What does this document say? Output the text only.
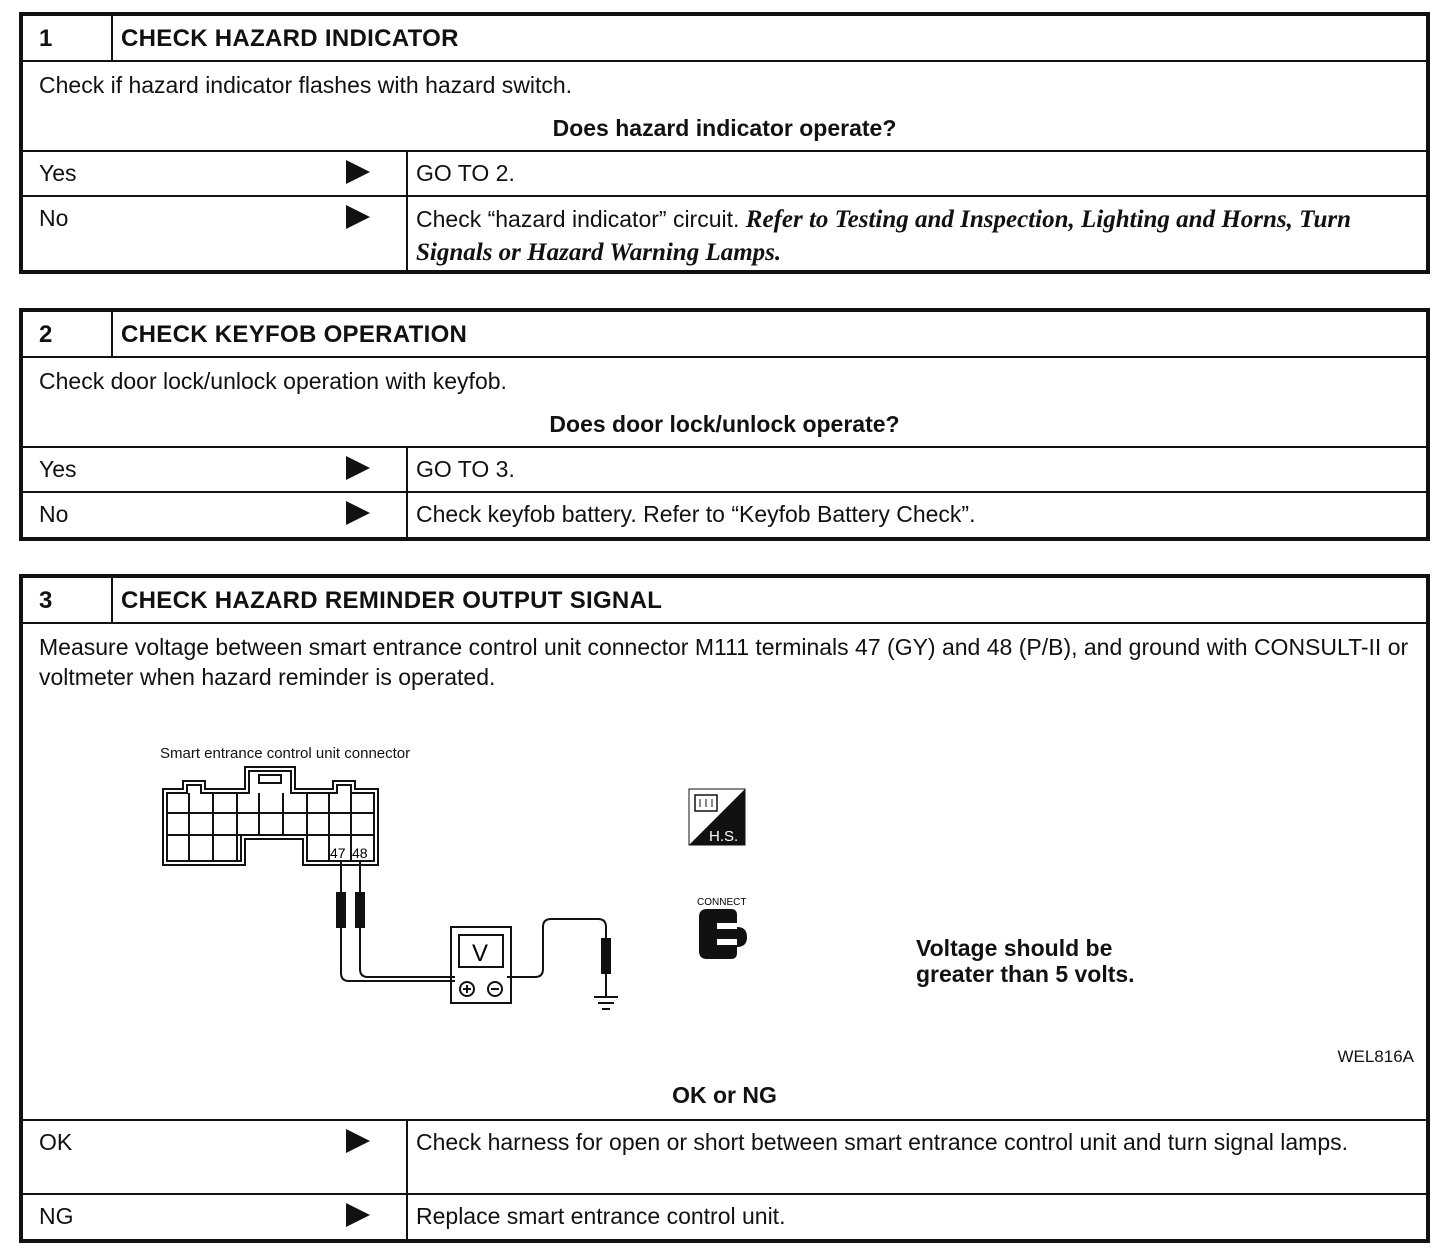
1	CHECK HAZARD INDICATOR
Check if hazard indicator flashes with hazard switch.
Does hazard indicator operate?
Yes	GO TO 2.
No	Check “hazard indicator” circuit. Refer to Testing and Inspection, Lighting and Horns, Turn Signals or Hazard Warning Lamps.
2	CHECK KEYFOB OPERATION
Check door lock/unlock operation with keyfob.
Does door lock/unlock operate?
Yes	GO TO 3.
No	Check keyfob battery. Refer to “Keyfob Battery Check”.
3	CHECK HAZARD REMINDER OUTPUT SIGNAL
Measure voltage between smart entrance control unit connector M111 terminals 47 (GY) and 48 (P/B), and ground with CONSULT-II or voltmeter when hazard reminder is operated.
Smart entrance control unit connector
47 48
V
H.S.
CONNECT
Voltage should be
greater than 5 volts.
WEL816A
OK	Check harness for open or short between smart entrance control unit and turn signal lamps.
NG	Replace smart entrance control unit.
OK or NG
